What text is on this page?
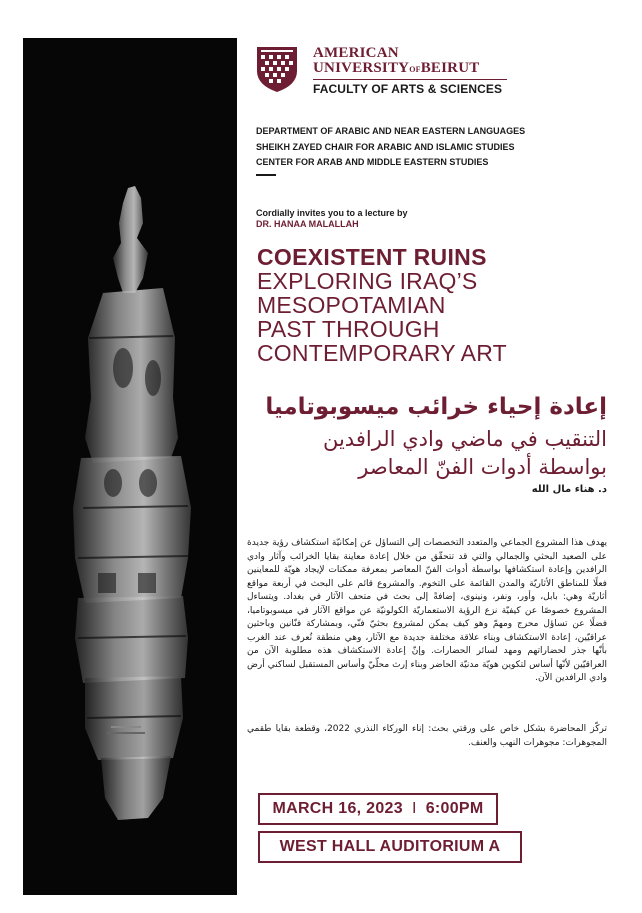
AMERICAN
UNIVERSITYOFBEIRUT
FACULTY OF ARTS & SCIENCES
DEPARTMENT OF ARABIC AND NEAR EASTERN LANGUAGES
SHEIKH ZAYED CHAIR FOR ARABIC AND ISLAMIC STUDIES
CENTER FOR ARAB AND MIDDLE EASTERN STUDIES
Cordially invites you to a lecture by
DR. HANAA MALALLAH
COEXISTENT RUINS
EXPLORING IRAQ’S
MESOPOTAMIAN
PAST THROUGH
CONTEMPORARY ART
إعادة إحياء خرائب ميسوبوتاميا
التنقيب في ماضي وادي الرافدين
بواسطة أدوات الفنّ المعاصر
د. هناء مال الله
يهدف هذا المشروع الجماعي والمتعدد التخصصات إلى التساؤل عن إمكانيّة استكشاف رؤية جديدة على الصعيد البحثي والجمالي والتي قد تتحقّق من خلال إعادة معاينة بقايا الخرائب وآثار وادي الرافدين وإعادة استكشافها بواسطة أدوات الفنّ المعاصر بمعرفة ممكنات لإيجاد هويّة للمعاينين فعلًا للمناطق الأثاريّة والمدن القائمة على التخوم. والمشروع قائم على البحث في أربعة مواقع أثاريّة وهي: بابل، وأور، ونفر، ونينوى، إضافةً إلى بحث في متحف الآثار في بغداد. ويتساءل المشروع خصوصًا عن كيفيّة نزع الرؤية الاستعماريّة الكولونيّة عن مواقع الآثار في ميسوبوتاميا، فضلًا عن تساؤل محرج ومهمّ وهو كيف يمكن لمشروع بحثيّ فنّي، وبمشاركة فنّانين وباحثين عراقيّين، إعادة الاستكشاف وبناء علاقة مختلفة جديدة مع الآثار، وهي منطقة تُعرف عند الغرب بأنّها جذر لحضاراتهم ومهد لسائر الحضارات. وإنّ إعادة الاستكشاف هذه مطلوبة الآن من العراقيّين لأنّها أساس لتكوين هويّة مدنيّة الحاضر وبناء إرث محلّيّ وأساس المستقبل لساكني أرض وادي الرافدين الآن.
تركّز المحاضرة بشكل خاص على ورقتي بحث: إناء الوركاء النذري 2022، وقطعة بقايا طقمي المجوهرات: مجوهرات النهب والعنف.
MARCH 16, 2023 I 6:00PM
WEST HALL AUDITORIUM A
